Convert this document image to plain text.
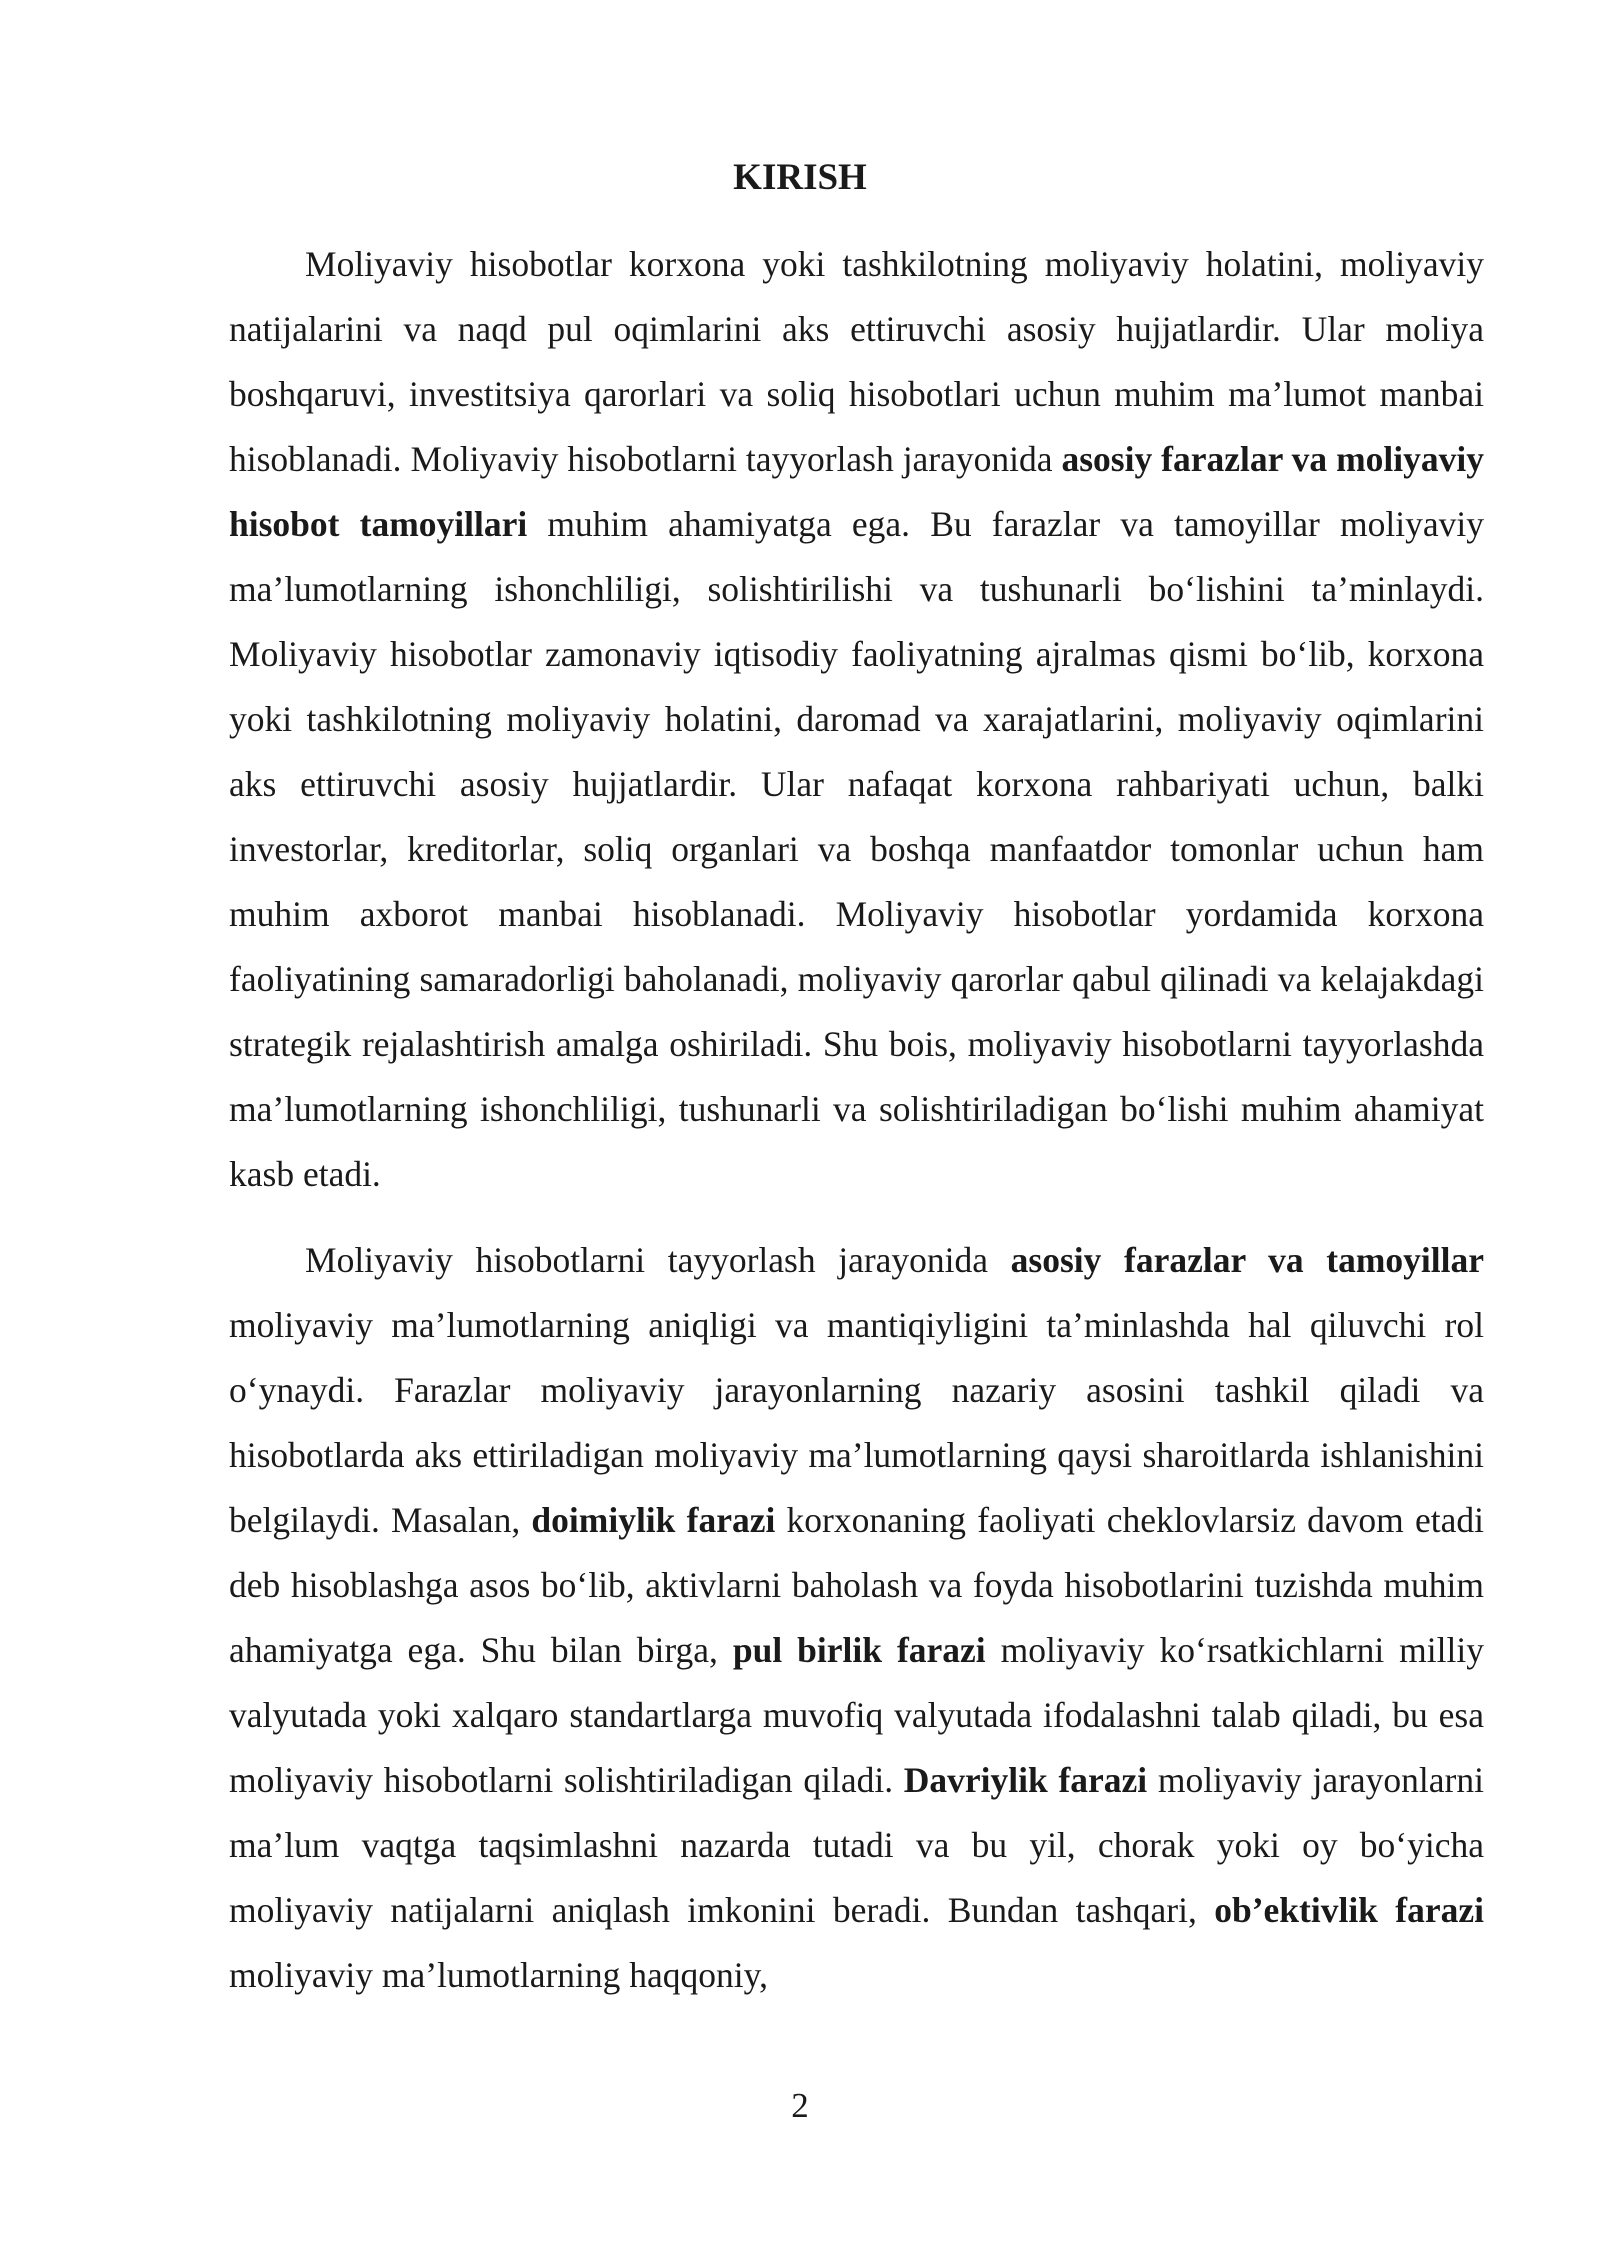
KIRISH

Moliyaviy hisobotlar korxona yoki tashkilotning moliyaviy holatini, moliyaviy natijalarini va naqd pul oqimlarini aks ettiruvchi asosiy hujjatlardir. Ular moliya boshqaruvi, investitsiya qarorlari va soliq hisobotlari uchun muhim ma’lumot manbai hisoblanadi. Moliyaviy hisobotlarni tayyorlash jarayonida asosiy farazlar va moliyaviy hisobot tamoyillari muhim ahamiyatga ega. Bu farazlar va tamoyillar moliyaviy ma’lumotlarning ishonchliligi, solishtirilishi va tushunarli bo‘lishini ta’minlaydi. Moliyaviy hisobotlar zamonaviy iqtisodiy faoliyatning ajralmas qismi bo‘lib, korxona yoki tashkilotning moliyaviy holatini, daromad va xarajatlarini, moliyaviy oqimlarini aks ettiruvchi asosiy hujjatlardir. Ular nafaqat korxona rahbariyati uchun, balki investorlar, kreditorlar, soliq organlari va boshqa manfaatdor tomonlar uchun ham muhim axborot manbai hisoblanadi. Moliyaviy hisobotlar yordamida korxona faoliyatining samaradorligi baholanadi, moliyaviy qarorlar qabul qilinadi va kelajakdagi strategik rejalashtirish amalga oshiriladi. Shu bois, moliyaviy hisobotlarni tayyorlashda ma’lumotlarning ishonchliligi, tushunarli va solishtiriladigan bo‘lishi muhim ahamiyat kasb etadi.

Moliyaviy hisobotlarni tayyorlash jarayonida asosiy farazlar va tamoyillar moliyaviy ma’lumotlarning aniqligi va mantiqiyligini ta’minlashda hal qiluvchi rol o‘ynaydi. Farazlar moliyaviy jarayonlarning nazariy asosini tashkil qiladi va hisobotlarda aks ettiriladigan moliyaviy ma’lumotlarning qaysi sharoitlarda ishlanishini belgilaydi. Masalan, doimiylik farazi korxonaning faoliyati cheklovlarsiz davom etadi deb hisoblashga asos bo‘lib, aktivlarni baholash va foyda hisobotlarini tuzishda muhim ahamiyatga ega. Shu bilan birga, pul birlik farazi moliyaviy ko‘rsatkichlarni milliy valyutada yoki xalqaro standartlarga muvofiq valyutada ifodalashni talab qiladi, bu esa moliyaviy hisobotlarni solishtiriladigan qiladi. Davriylik farazi moliyaviy jarayonlarni ma’lum vaqtga taqsimlashni nazarda tutadi va bu yil, chorak yoki oy bo‘yicha moliyaviy natijalarni aniqlash imkonini beradi. Bundan tashqari, ob’ektivlik farazi moliyaviy ma’lumotlarning haqqoniy,

2
